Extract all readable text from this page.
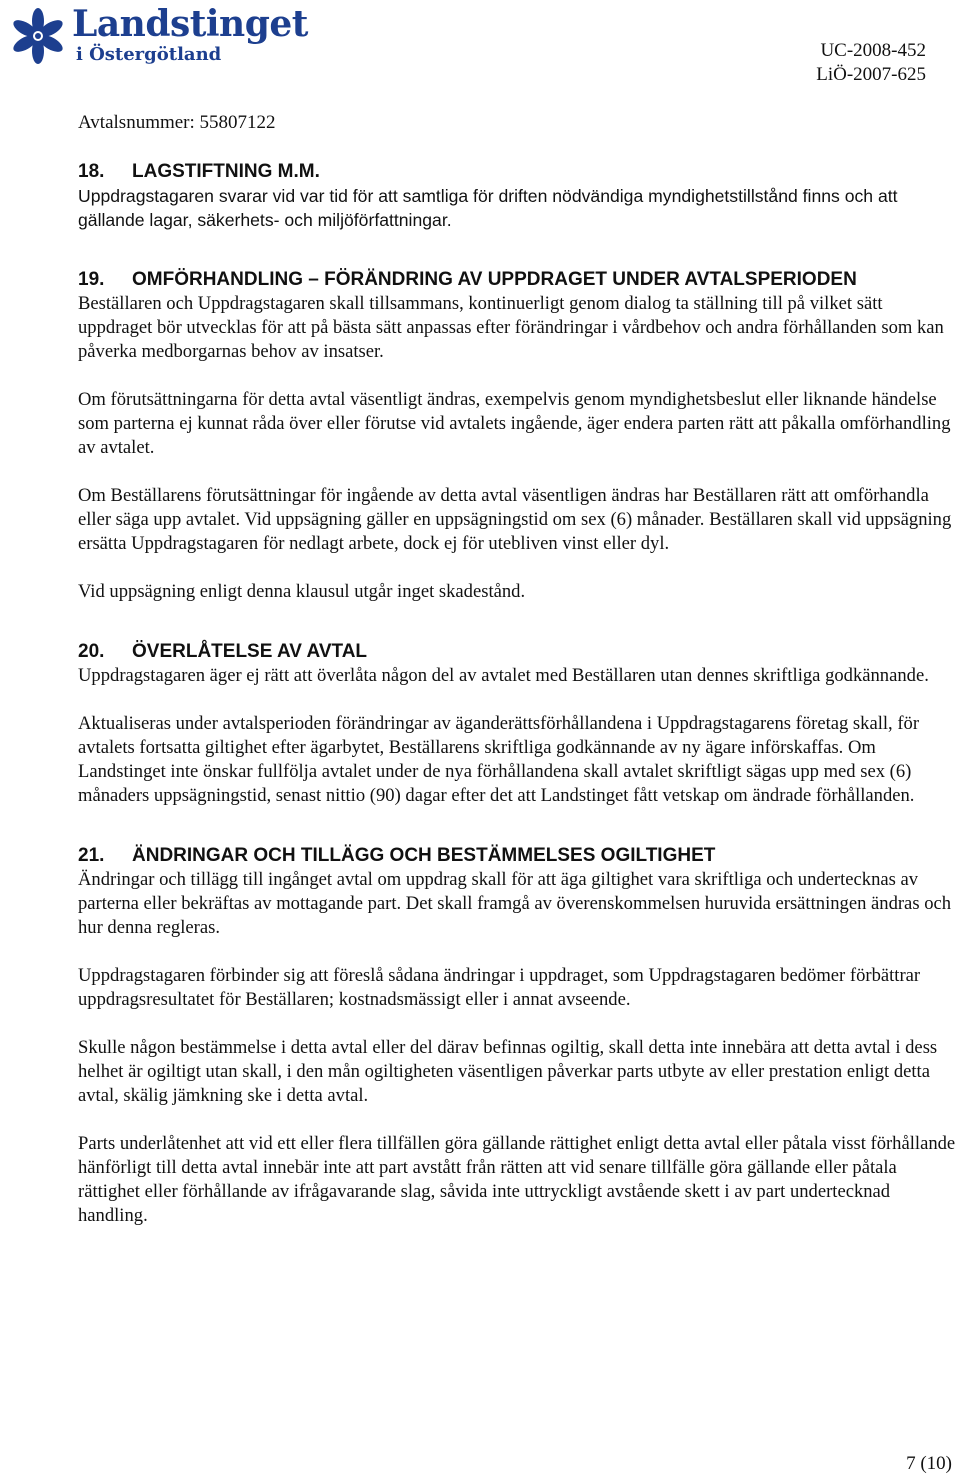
Landstinget
i Östergötland	UC-2008-452
LiÖ-2007-625
Avtalsnummer: 55807122
18. LAGSTIFTNING M.M.

Uppdragstagaren svarar vid var tid för att samtliga för driften nödvändiga myndighetstillstånd finns och att gällande lagar, säkerhets- och miljöförfattningar.

19. OMFÖRHANDLING – FÖRÄNDRING AV UPPDRAGET UNDER AVTALSPERIODEN

Beställaren och Uppdragstagaren skall tillsammans, kontinuerligt genom dialog ta ställning till på vilket sätt uppdraget bör utvecklas för att på bästa sätt anpassas efter förändringar i vårdbehov och andra förhållanden som kan påverka medborgarnas behov av insatser.

Om förutsättningarna för detta avtal väsentligt ändras, exempelvis genom myndighetsbeslut eller liknande händelse som parterna ej kunnat råda över eller förutse vid avtalets ingående, äger endera parten rätt att påkalla omförhandling av avtalet.

Om Beställarens förutsättningar för ingående av detta avtal väsentligen ändras har Beställaren rätt att omförhandla eller säga upp avtalet. Vid uppsägning gäller en uppsägningstid om sex (6) månader. Beställaren skall vid uppsägning ersätta Uppdragstagaren för nedlagt arbete, dock ej för utebliven vinst eller dyl.

Vid uppsägning enligt denna klausul utgår inget skadestånd.

20. ÖVERLÅTELSE AV AVTAL

Uppdragstagaren äger ej rätt att överlåta någon del av avtalet med Beställaren utan dennes skriftliga godkännande.

Aktualiseras under avtalsperioden förändringar av äganderättsförhållandena i Uppdragstagarens företag skall, för avtalets fortsatta giltighet efter ägarbytet, Beställarens skriftliga godkännande av ny ägare införskaffas. Om Landstinget inte önskar fullfölja avtalet under de nya förhållandena skall avtalet skriftligt sägas upp med sex (6) månaders uppsägningstid, senast nittio (90) dagar efter det att Landstinget fått vetskap om ändrade förhållanden.

21. ÄNDRINGAR OCH TILLÄGG OCH BESTÄMMELSES OGILTIGHET

Ändringar och tillägg till ingånget avtal om uppdrag skall för att äga giltighet vara skriftliga och undertecknas av parterna eller bekräftas av mottagande part. Det skall framgå av överenskommelsen huruvida ersättningen ändras och hur denna regleras.

Uppdragstagaren förbinder sig att föreslå sådana ändringar i uppdraget, som Uppdragstagaren bedömer förbättrar uppdragsresultatet för Beställaren; kostnadsmässigt eller i annat avseende.

Skulle någon bestämmelse i detta avtal eller del därav befinnas ogiltig, skall detta inte innebära att detta avtal i dess helhet är ogiltigt utan skall, i den mån ogiltigheten väsentligen påverkar parts utbyte av eller prestation enligt detta avtal, skälig jämkning ske i detta avtal.

Parts underlåtenhet att vid ett eller flera tillfällen göra gällande rättighet enligt detta avtal eller påtala visst förhållande hänförligt till detta avtal innebär inte att part avstått från rätten att vid senare tillfälle göra gällande eller påtala rättighet eller förhållande av ifrågavarande slag, såvida inte uttryckligt avstående skett i av part undertecknad handling.

7 (10)
